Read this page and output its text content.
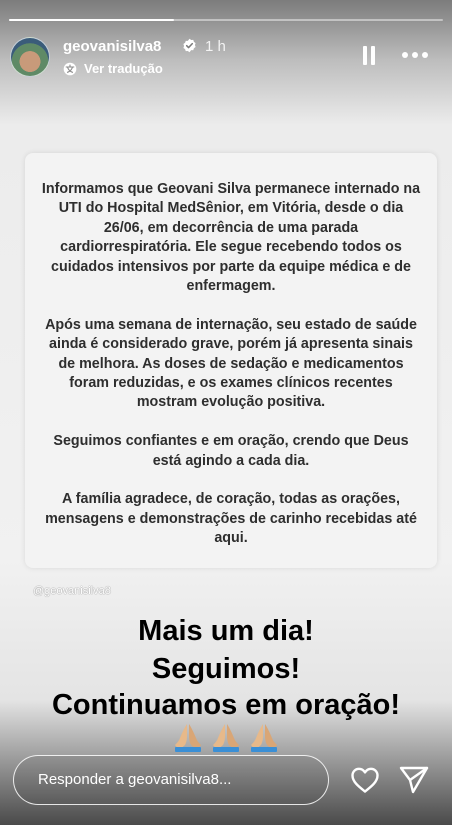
geovanisilva8	1 h
Ver tradução

Informamos que Geovani Silva permanece internado na UTI do Hospital MedSênior, em Vitória, desde o dia 26/06, em decorrência de uma parada cardiorrespiratória. Ele segue recebendo todos os cuidados intensivos por parte da equipe médica e de enfermagem.

Após uma semana de internação, seu estado de saúde ainda é considerado grave, porém já apresenta sinais de melhora. As doses de sedação e medicamentos foram reduzidas, e os exames clínicos recentes mostram evolução positiva.

Seguimos confiantes e em oração, crendo que Deus está agindo a cada dia.

A família agradece, de coração, todas as orações, mensagens e demonstrações de carinho recebidas até aqui.

@geovanisilva8
Mais um dia!
Seguimos!
Continuamos em oração!

Responder a geovanisilva8...
